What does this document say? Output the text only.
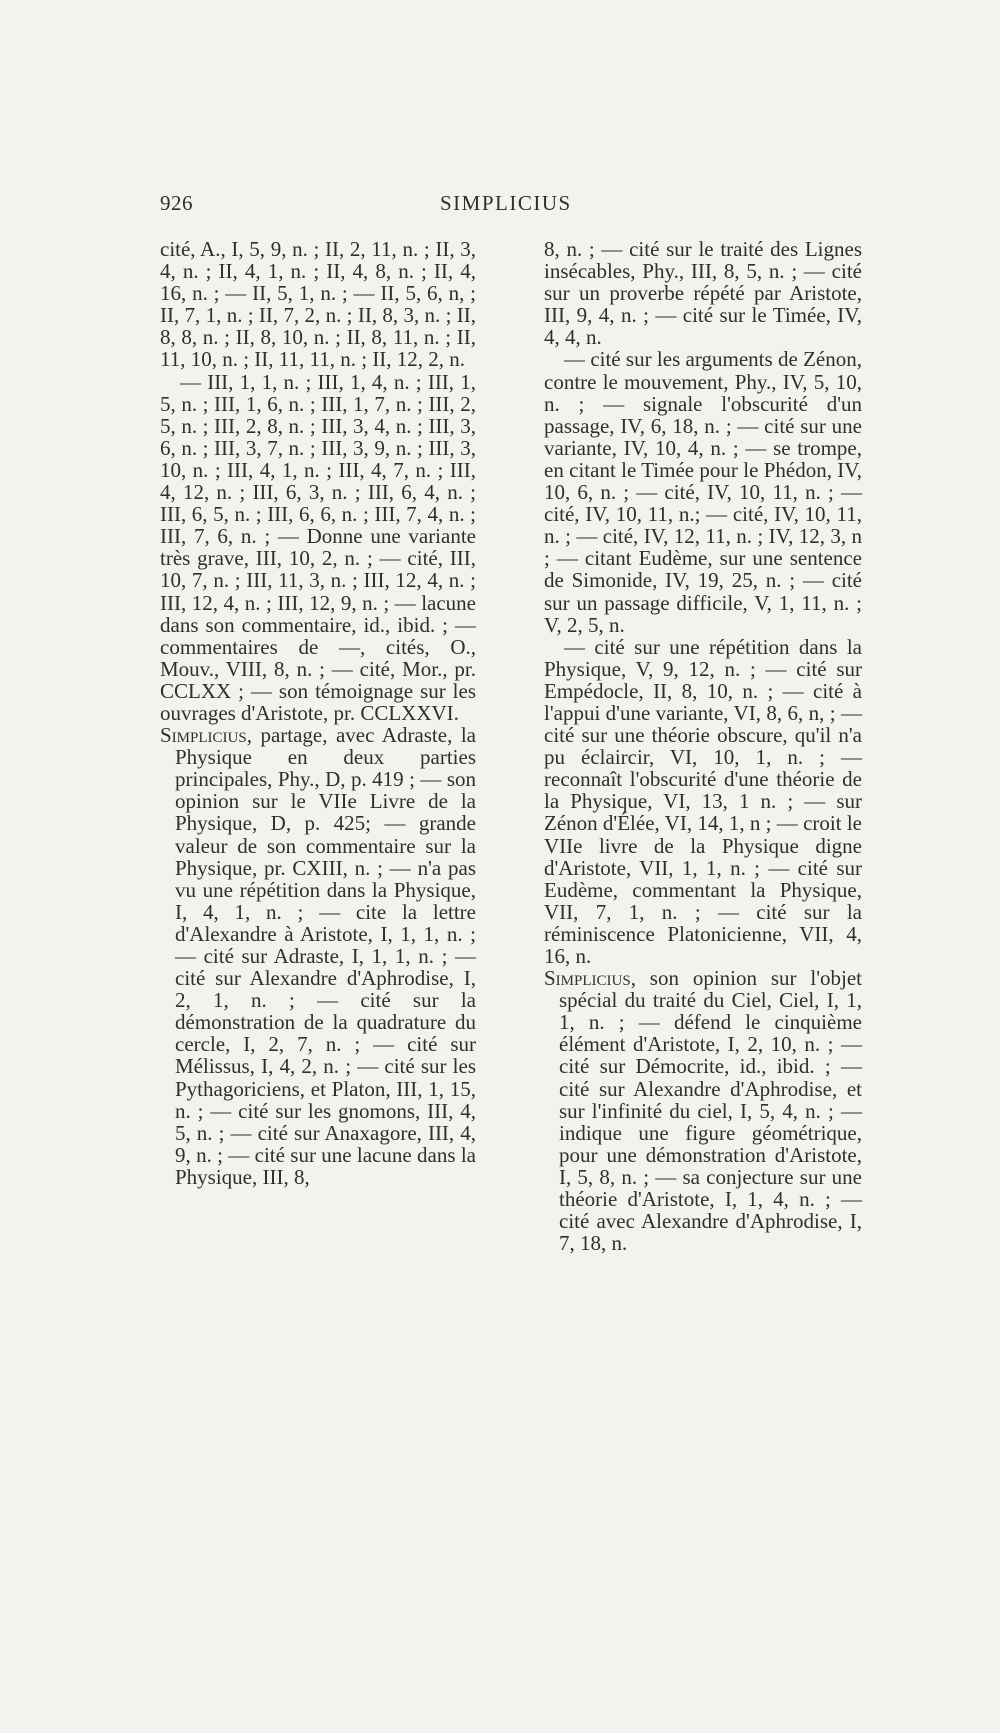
926	SIMPLICIUS

cité, A., I, 5, 9, n. ; II, 2, 11, n. ; II, 3, 4, n. ; II, 4, 1, n. ; II, 4, 8, n. ; II, 4, 16, n. ; — II, 5, 1, n. ; — II, 5, 6, n, ; II, 7, 1, n. ; II, 7, 2, n. ; II, 8, 3, n. ; II, 8, 8, n. ; II, 8, 10, n. ; II, 8, 11, n. ; II, 11, 10, n. ; II, 11, 11, n. ; II, 12, 2, n.

— III, 1, 1, n. ; III, 1, 4, n. ; III, 1, 5, n. ; III, 1, 6, n. ; III, 1, 7, n. ; III, 2, 5, n. ; III, 2, 8, n. ; III, 3, 4, n. ; III, 3, 6, n. ; III, 3, 7, n. ; III, 3, 9, n. ; III, 3, 10, n. ; III, 4, 1, n. ; III, 4, 7, n. ; III, 4, 12, n. ; III, 6, 3, n. ; III, 6, 4, n. ; III, 6, 5, n. ; III, 6, 6, n. ; III, 7, 4, n. ; III, 7, 6, n. ; — Donne une variante très grave, III, 10, 2, n. ; — cité, III, 10, 7, n. ; III, 11, 3, n. ; III, 12, 4, n. ; III, 12, 4, n. ; III, 12, 9, n. ; — lacune dans son commentaire, id., ibid. ; — commentaires de —, cités, O., Mouv., VIII, 8, n. ; — cité, Mor., pr. CCLXX ; — son témoignage sur les ouvrages d'Aristote, pr. CCLXXVI.

Simplicius, partage, avec Adraste, la Physique en deux parties principales, Phy., D, p. 419 ; — son opinion sur le VIIe Livre de la Physique, D, p. 425; — grande valeur de son commentaire sur la Physique, pr. CXIII, n. ; — n'a pas vu une répétition dans la Physique, I, 4, 1, n. ; — cite la lettre d'Alexandre à Aristote, I, 1, 1, n. ; — cité sur Adraste, I, 1, 1, n. ; — cité sur Alexandre d'Aphrodise, I, 2, 1, n. ; — cité sur la démonstration de la quadrature du cercle, I, 2, 7, n. ; — cité sur Mélissus, I, 4, 2, n. ; — cité sur les Pythagoriciens, et Platon, III, 1, 15, n. ; — cité sur les gnomons, III, 4, 5, n. ; — cité sur Anaxagore, III, 4, 9, n. ; — cité sur une lacune dans la Physique, III, 8,

8, n. ; — cité sur le traité des Lignes insécables, Phy., III, 8, 5, n. ; — cité sur un proverbe répété par Aristote, III, 9, 4, n. ; — cité sur le Timée, IV, 4, 4, n.

— cité sur les arguments de Zénon, contre le mouvement, Phy., IV, 5, 10, n. ; — signale l'obscurité d'un passage, IV, 6, 18, n. ; — cité sur une variante, IV, 10, 4, n. ; — se trompe, en citant le Timée pour le Phédon, IV, 10, 6, n. ; — cité, IV, 10, 11, n. ; — cité, IV, 10, 11, n.; — cité, IV, 10, 11, n. ; — cité, IV, 12, 11, n. ; IV, 12, 3, n ; — citant Eudème, sur une sentence de Simonide, IV, 19, 25, n. ; — cité sur un passage difficile, V, 1, 11, n. ; V, 2, 5, n.

— cité sur une répétition dans la Physique, V, 9, 12, n. ; — cité sur Empédocle, II, 8, 10, n. ; — cité à l'appui d'une variante, VI, 8, 6, n, ; — cité sur une théorie obscure, qu'il n'a pu éclaircir, VI, 10, 1, n. ; — reconnaît l'obscurité d'une théorie de la Physique, VI, 13, 1 n. ; — sur Zénon d'Élée, VI, 14, 1, n ; — croit le VIIe livre de la Physique digne d'Aristote, VII, 1, 1, n. ; — cité sur Eudème, commentant la Physique, VII, 7, 1, n. ; — cité sur la réminiscence Platonicienne, VII, 4, 16, n.

Simplicius, son opinion sur l'objet spécial du traité du Ciel, Ciel, I, 1, 1, n. ; — défend le cinquième élément d'Aristote, I, 2, 10, n. ; — cité sur Démocrite, id., ibid. ; — cité sur Alexandre d'Aphrodise, et sur l'infinité du ciel, I, 5, 4, n. ; — indique une figure géométrique, pour une démonstration d'Aristote, I, 5, 8, n. ; — sa conjecture sur une théorie d'Aristote, I, 1, 4, n. ; — cité avec Alexandre d'Aphrodise, I, 7, 18, n.
